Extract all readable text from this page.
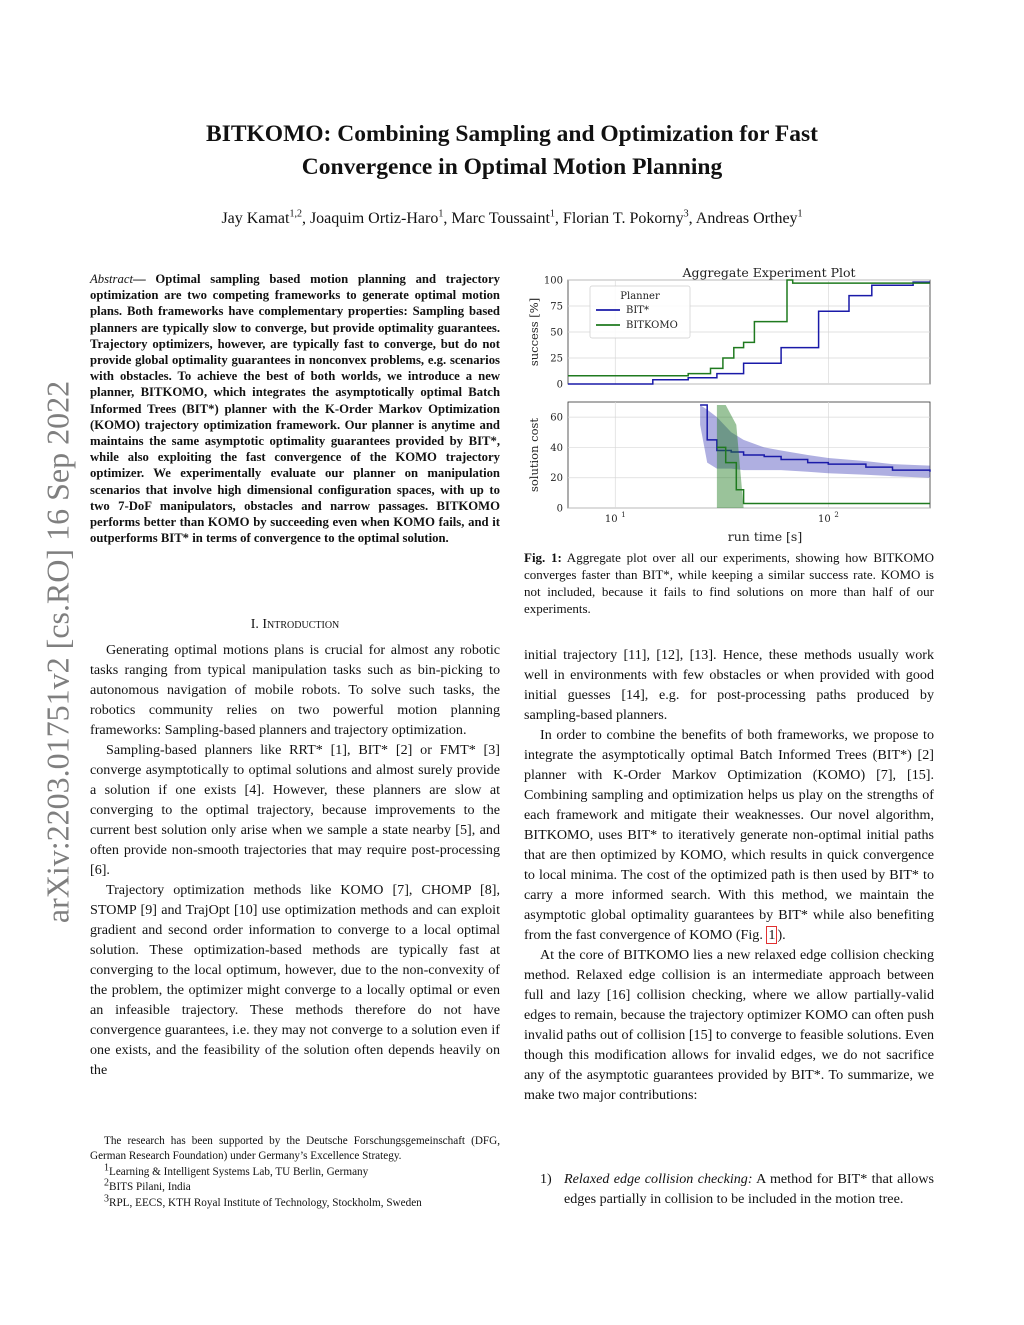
arXiv:2203.01751v2 [cs.RO] 16 Sep 2022
BITKOMO: Combining Sampling and Optimization for Fast
Convergence in Optimal Motion Planning
Jay Kamat$^{1,2}$, Joaquim Ortiz-Haro$^1$, Marc Toussaint$^1$, Florian T. Pokorny$^3$, Andreas Orthey$^1$
Abstract— Optimal sampling based motion planning and trajectory optimization are two competing frameworks to generate optimal motion plans. Both frameworks have complementary properties: Sampling based planners are typically slow to converge, but provide optimality guarantees. Trajectory optimizers, however, are typically fast to converge, but do not provide global optimality guarantees in nonconvex problems, e.g. scenarios with obstacles. To achieve the best of both worlds, we introduce a new planner, BITKOMO, which integrates the asymptotically optimal Batch Informed Trees (BIT*) planner with the K-Order Markov Optimization (KOMO) trajectory optimization framework. Our planner is anytime and maintains the same asymptotic optimality guarantees provided by BIT*, while also exploiting the fast convergence of the KOMO trajectory optimizer. We experimentally evaluate our planner on manipulation scenarios that involve high dimensional configuration spaces, with up to two 7-DoF manipulators, obstacles and narrow passages. BITKOMO performs better than KOMO by succeeding even when KOMO fails, and it outperforms BIT* in terms of convergence to the optimal solution.
I. Introduction

Generating optimal motions plans is crucial for almost any robotic tasks ranging from typical manipulation tasks such as bin-picking to autonomous navigation of mobile robots. To solve such tasks, the robotics community relies on two powerful motion planning frameworks: Sampling-based planners and trajectory optimization.

Sampling-based planners like RRT* [1], BIT* [2] or FMT* [3] converge asymptotically to optimal solutions and almost surely provide a solution if one exists [4]. However, these planners are slow at converging to the optimal trajectory, because improvements to the current best solution only arise when we sample a state nearby [5], and often provide non-smooth trajectories that may require post-processing [6].

Trajectory optimization methods like KOMO [7], CHOMP [8], STOMP [9] and TrajOpt [10] use optimization methods and can exploit gradient and second order information to converge to a local optimal solution. These optimization-based methods are typically fast at converging to the local optimum, however, due to the non-convexity of the problem, the optimizer might converge to a locally optimal or even an infeasible trajectory. These methods therefore do not have convergence guarantees, i.e. they may not converge to a solution even if one exists, and the feasibility of the solution often depends heavily on the

The research has been supported by the Deutsche Forschungsgemeinschaft (DFG, German Research Foundation) under Germany’s Excellence Strategy.

$^1$Learning & Intelligent Systems Lab, TU Berlin, Germany

$^2$BITS Pilani, India

$^3$RPL, EECS, KTH Royal Institute of Technology, Stockholm, Sweden

0
25
50
75
100
success [%]
Aggregate Experiment Plot
Planner
BIT*
BITKOMO
0
20
40
60
10 1	10 2
solution cost
run time [s]
Fig. 1: Aggregate plot over all our experiments, showing how BITKOMO converges faster than BIT*, while keeping a similar success rate. KOMO is not included, because it fails to find solutions on more than half of our experiments.

initial trajectory [11], [12], [13]. Hence, these methods usually work well in environments with few obstacles or when provided with good initial guesses [14], e.g. for post-processing paths produced by sampling-based planners.

In order to combine the benefits of both frameworks, we propose to integrate the asymptotically optimal Batch Informed Trees (BIT*) [2] planner with K-Order Markov Optimization (KOMO) [7], [15]. Combining sampling and optimization helps us play on the strengths of each framework and mitigate their weaknesses. Our novel algorithm, BITKOMO, uses BIT* to iteratively generate non-optimal initial paths that are then optimized by KOMO, which results in quick convergence to local minima. The cost of the optimized path is then used by BIT* to carry a more informed search. With this method, we maintain the asymptotic global optimality guarantees by BIT* while also benefiting from the fast convergence of KOMO (Fig. 1 ).

At the core of BITKOMO lies a new relaxed edge collision checking method. Relaxed edge collision is an intermediate approach between full and lazy [16] collision checking, where we allow partially-valid edges to remain, because the trajectory optimizer KOMO can often push invalid paths out of collision [15] to converge to feasible solutions. Even though this modification allows for invalid edges, we do not sacrifice any of the asymptotic guarantees provided by BIT*. To summarize, we make two major contributions:

1) Relaxed edge collision checking: A method for BIT* that allows edges partially in collision to be included in the motion tree.
